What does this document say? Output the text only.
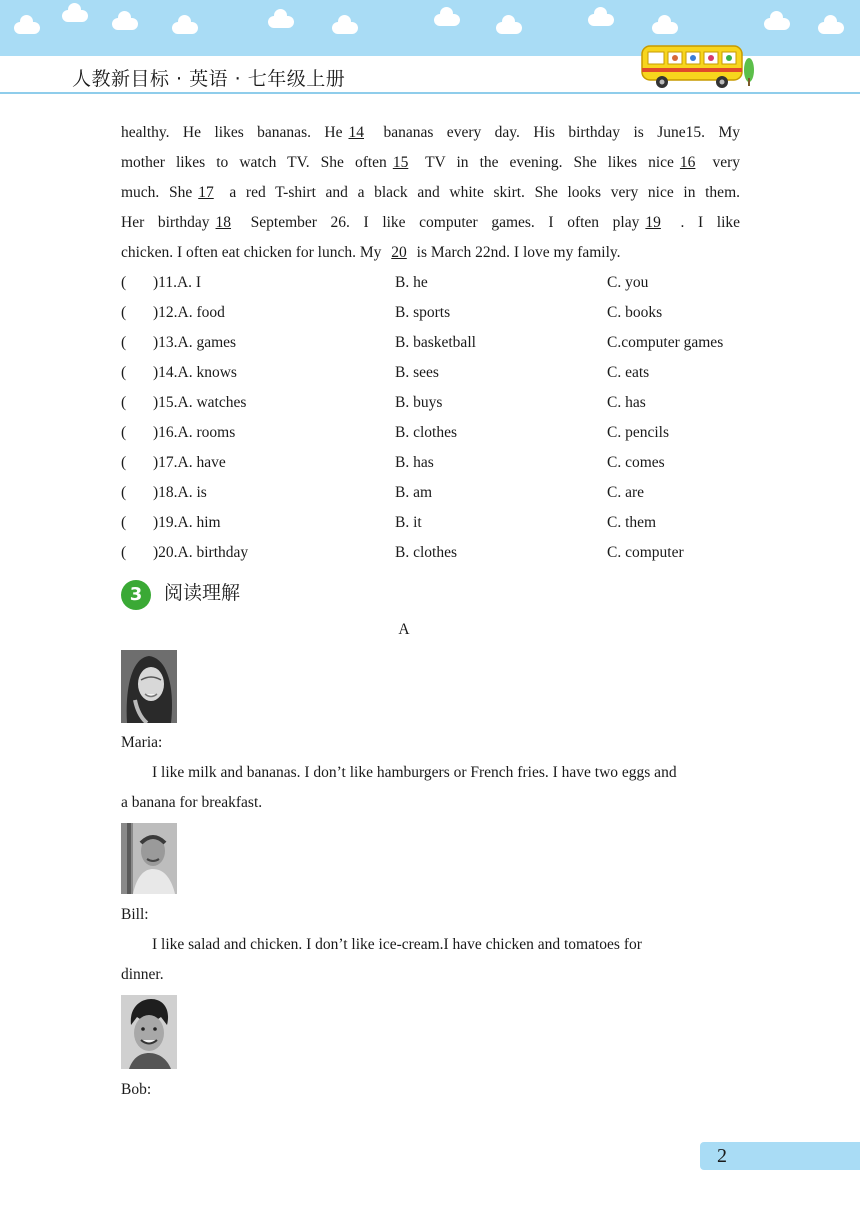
人教新目标 · 英语 · 七年级上册
healthy. He likes bananas. He 14 bananas every day. His birthday is June15. My
mother likes to watch TV. She often 15 TV in the evening. She likes nice 16 very
much. She 17 a red T-shirt and a black and white skirt. She looks very nice in them.
Her birthday 18 September 26. I like computer games. I often play 19 . I like
chicken. I often eat chicken for lunch. My 20 is March 22nd. I love my family.
( )11.A. I	B. he	C. you
( )12.A. food	B. sports	C. books
( )13.A. games	B. basketball	C.computer games
( )14.A. knows	B. sees	C. eats
( )15.A. watches	B. buys	C. has
( )16.A. rooms	B. clothes	C. pencils
( )17.A. have	B. has	C. comes
( )18.A. is	B. am	C. are
( )19.A. him	B. it	C. them
( )20.A. birthday	B. clothes	C. computer
3	阅读理解
A
Maria:
I like milk and bananas. I don’t like hamburgers or French fries. I have two eggs and
a banana for breakfast.
Bill:
I like salad and chicken. I don’t like ice-cream.I have chicken and tomatoes for
dinner.
Bob:
2
